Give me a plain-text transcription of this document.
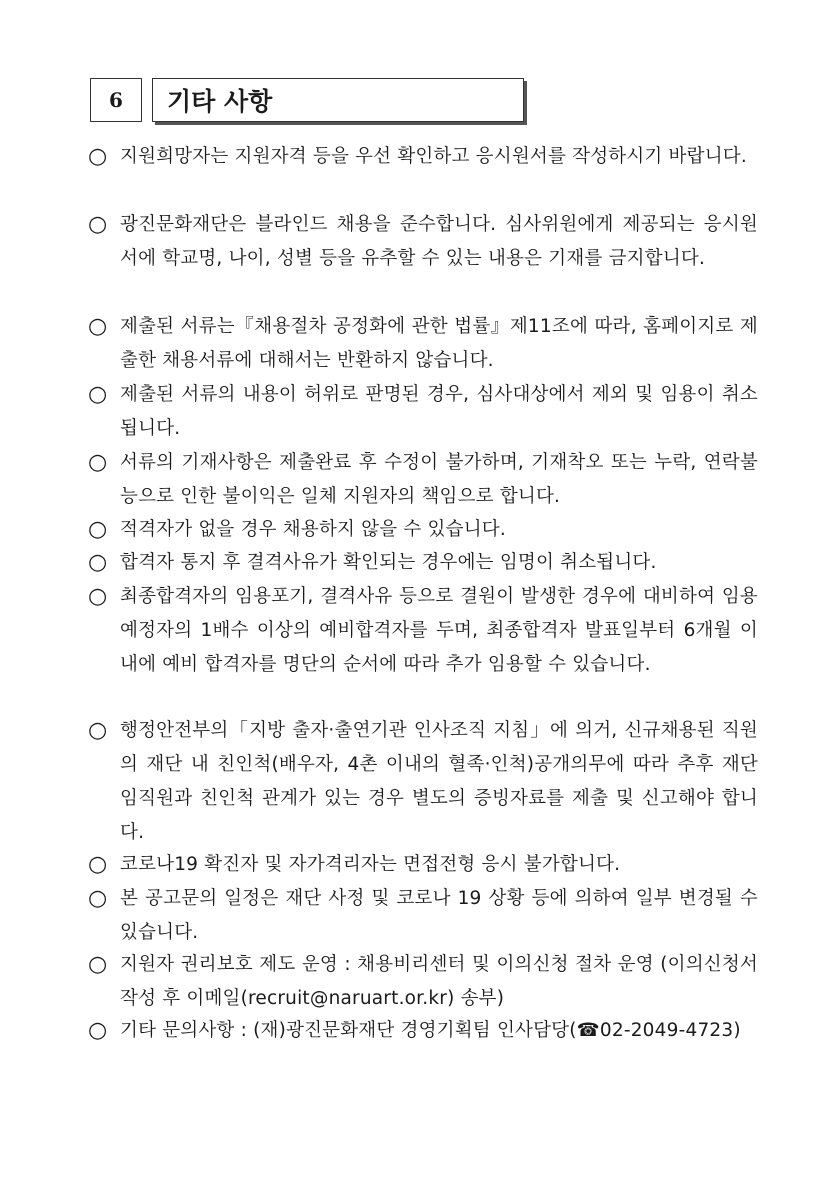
6	기타 사항
○ 지원희망자는 지원자격 등을 우선 확인하고 응시원서를 작성하시기 바랍니다.
○ 광진문화재단은 블라인드 채용을 준수합니다. 심사위원에게 제공되는 응시원서에 학교명, 나이, 성별 등을 유추할 수 있는 내용은 기재를 금지합니다.
○ 제출된 서류는『채용절차 공정화에 관한 법률』제11조에 따라, 홈페이지로 제출한 채용서류에 대해서는 반환하지 않습니다.
○ 제출된 서류의 내용이 허위로 판명된 경우, 심사대상에서 제외 및 임용이 취소됩니다.
○ 서류의 기재사항은 제출완료 후 수정이 불가하며, 기재착오 또는 누락, 연락불능으로 인한 불이익은 일체 지원자의 책임으로 합니다.
○ 적격자가 없을 경우 채용하지 않을 수 있습니다.
○ 합격자 통지 후 결격사유가 확인되는 경우에는 임명이 취소됩니다.
○ 최종합격자의 임용포기, 결격사유 등으로 결원이 발생한 경우에 대비하여 임용예정자의 1배수 이상의 예비합격자를 두며, 최종합격자 발표일부터 6개월 이내에 예비 합격자를 명단의 순서에 따라 추가 임용할 수 있습니다.
○ 행정안전부의「지방 출자·출연기관 인사조직 지침」에 의거, 신규채용된 직원의 재단 내 친인척(배우자, 4촌 이내의 혈족·인척)공개의무에 따라 추후 재단 임직원과 친인척 관계가 있는 경우 별도의 증빙자료를 제출 및 신고해야 합니다.
○ 코로나19 확진자 및 자가격리자는 면접전형 응시 불가합니다.
○ 본 공고문의 일정은 재단 사정 및 코로나 19 상황 등에 의하여 일부 변경될 수 있습니다.
○ 지원자 권리보호 제도 운영 : 채용비리센터 및 이의신청 절차 운영 (이의신청서 작성 후 이메일(recruit@naruart.or.kr) 송부)
○ 기타 문의사항 : (재)광진문화재단 경영기획팀 인사담당(☎02-2049-4723)
